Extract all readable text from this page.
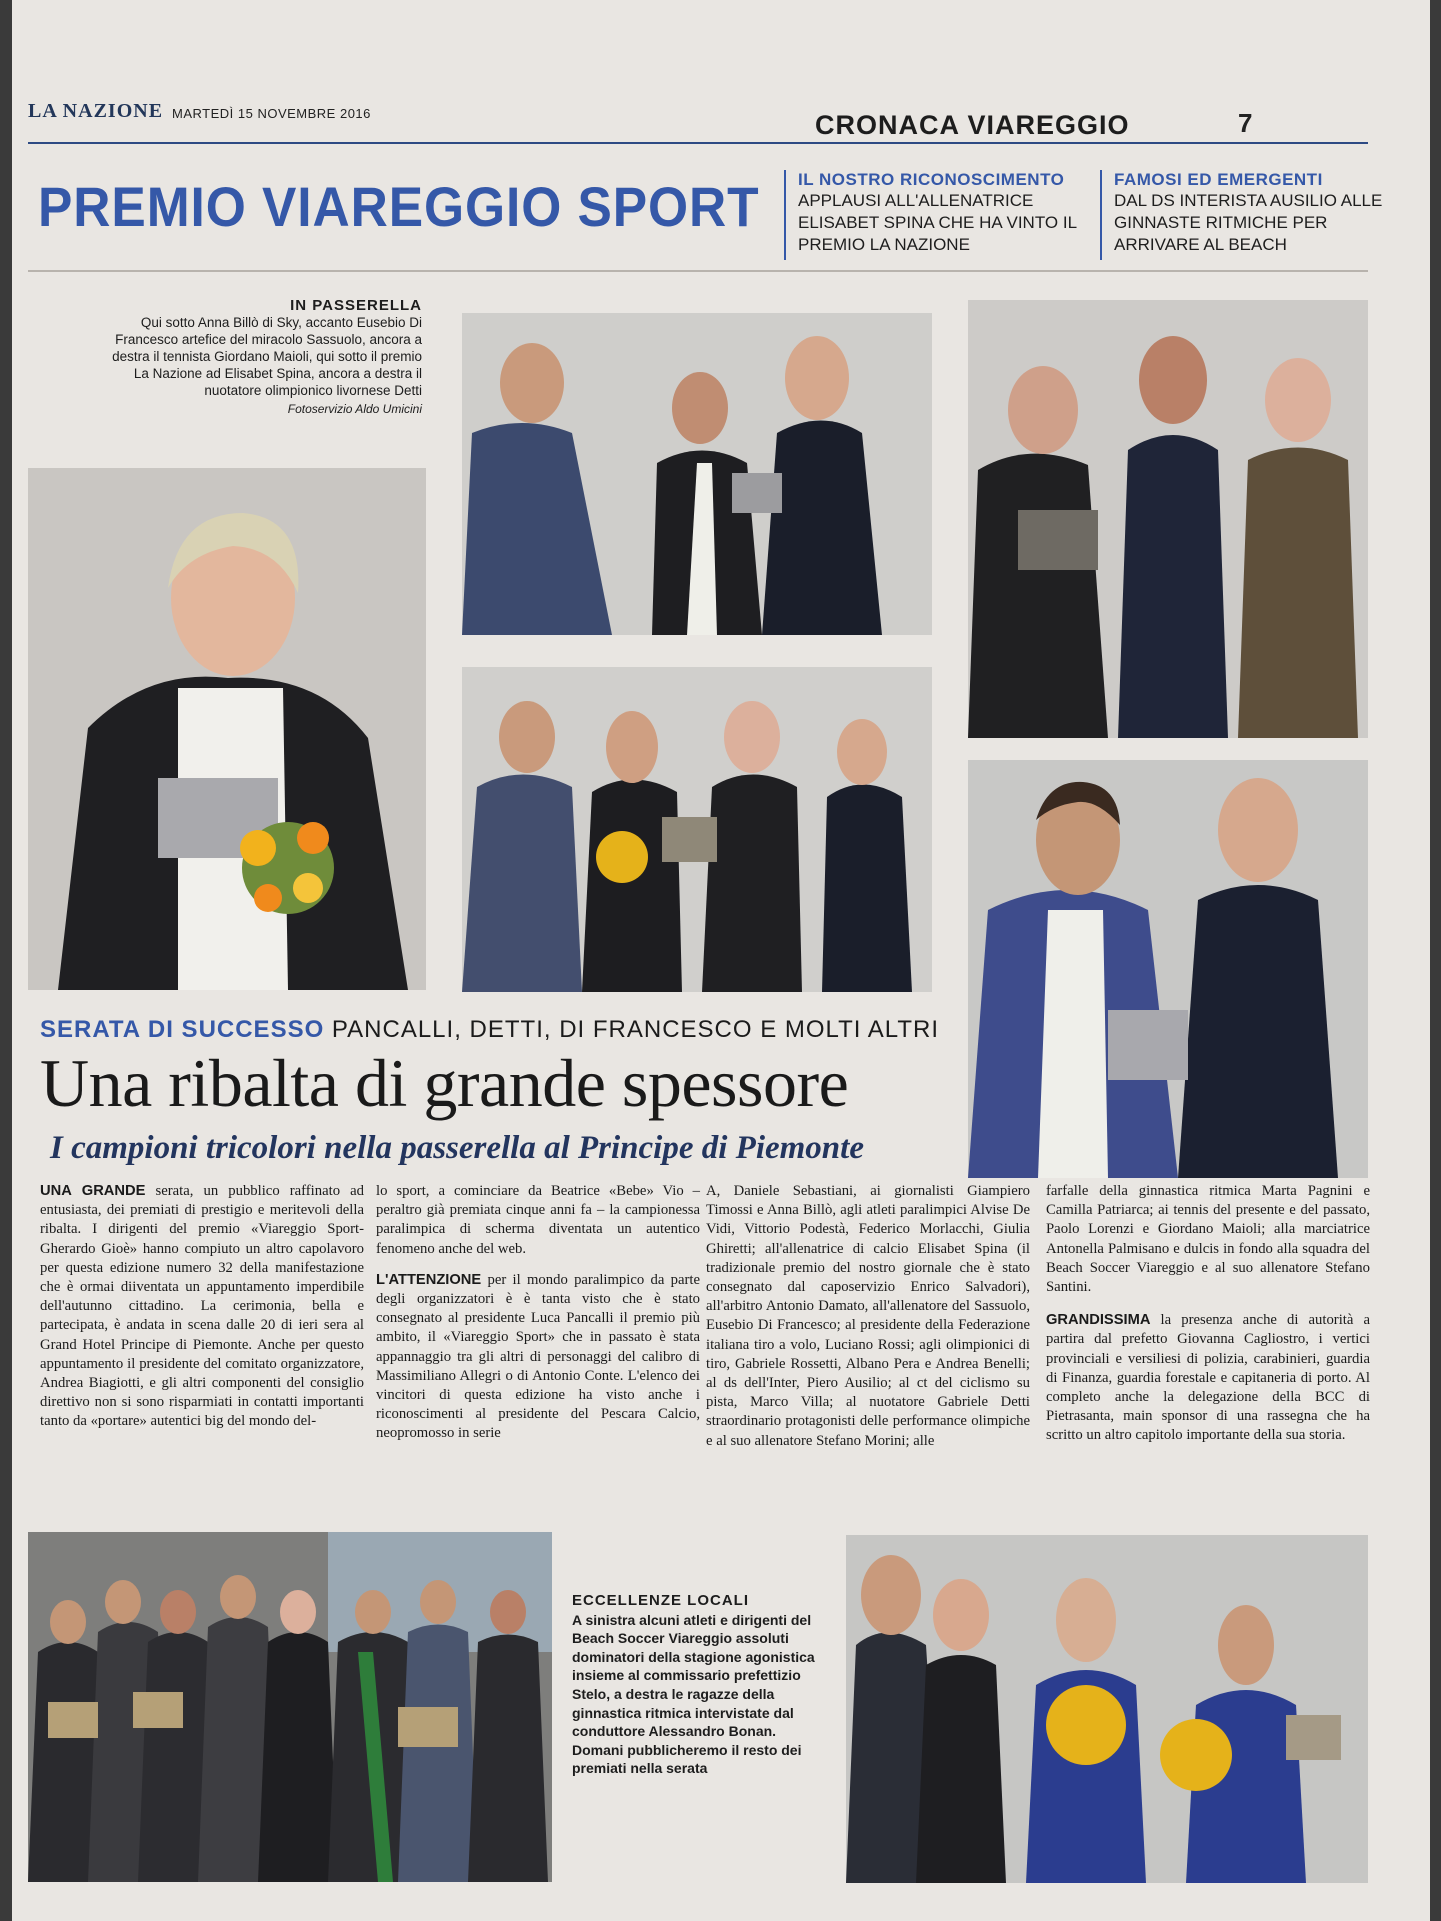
LA NAZIONE MARTEDÌ 15 NOVEMBRE 2016	CRONACA VIAREGGIO	7
PREMIO VIAREGGIO SPORT IL NOSTRO RICONOSCIMENTO
APPLAUSI ALL'ALLENATRICE ELISABET SPINA CHE HA VINTO IL PREMIO LA NAZIONE
FAMOSI ED EMERGENTI
DAL DS INTERISTA AUSILIO ALLE GINNASTE RITMICHE PER ARRIVARE AL BEACH
IN PASSERELLA
Qui sotto Anna Billò di Sky, accanto Eusebio Di Francesco artefice del miracolo Sassuolo, ancora a destra il tennista Giordano Maioli, qui sotto il premio La Nazione ad Elisabet Spina, ancora a destra il nuotatore olimpionico livornese Detti
Fotoservizio Aldo Umicini
SERATA DI SUCCESSO PANCALLI, DETTI, DI FRANCESCO E MOLTI ALTRI
Una ribalta di grande spessore
I campioni tricolori nella passerella al Principe di Piemonte

UNA GRANDE serata, un pubblico raffinato ad entusiasta, dei premiati di prestigio e meritevoli della ribalta. I dirigenti del premio «Viareggio Sport-Gherardo Gioè» hanno compiuto un altro capolavoro per questa edizione numero 32 della manifestazione che è ormai diiventata un appuntamento imperdibile dell'autunno cittadino. La cerimonia, bella e partecipata, è andata in scena dalle 20 di ieri sera al Grand Hotel Principe di Piemonte. Anche per questo appuntamento il presidente del comitato organizzatore, Andrea Biagiotti, e gli altri componenti del consiglio direttivo non si sono risparmiati in contatti importanti tanto da «portare» autentici big del mondo del-

lo sport, a cominciare da Beatrice «Bebe» Vio – peraltro già premiata cinque anni fa – la campionessa paralimpica di scherma diventata un autentico fenomeno anche del web.

L'ATTENZIONE per il mondo paralimpico da parte degli organizzatori è è tanta visto che è stato consegnato al presidente Luca Pancalli il premio più ambito, il «Viareggio Sport» che in passato è stata appannaggio tra gli altri di personaggi del calibro di Massimiliano Allegri o di Antonio Conte. L'elenco dei vincitori di questa edizione ha visto anche i riconoscimenti al presidente del Pescara Calcio, neopromosso in serie

A, Daniele Sebastiani, ai giornalisti Giampiero Timossi e Anna Billò, agli atleti paralimpici Alvise De Vidi, Vittorio Podestà, Federico Morlacchi, Giulia Ghiretti; all'allenatrice di calcio Elisabet Spina (il tradizionale premio del nostro giornale che è stato consegnato dal caposervizio Enrico Salvadori), all'arbitro Antonio Damato, all'allenatore del Sassuolo, Eusebio Di Francesco; al presidente della Federazione italiana tiro a volo, Luciano Rossi; agli olimpionici di tiro, Gabriele Rossetti, Albano Pera e Andrea Benelli; al ds dell'Inter, Piero Ausilio; al ct del ciclismo su pista, Marco Villa; al nuotatore Gabriele Detti straordinario protagonisti delle performance olimpiche e al suo allenatore Stefano Morini; alle

farfalle della ginnastica ritmica Marta Pagnini e Camilla Patriarca; ai tennis del presente e del passato, Paolo Lorenzi e Giordano Maioli; alla marciatrice Antonella Palmisano e dulcis in fondo alla squadra del Beach Soccer Viareggio e al suo allenatore Stefano Santini.

GRANDISSIMA la presenza anche di autorità a partira dal prefetto Giovanna Cagliostro, i vertici provinciali e versiliesi di polizia, carabinieri, guardia di Finanza, guardia forestale e capitaneria di porto. Al completo anche la delegazione della BCC di Pietrasanta, main sponsor di una rassegna che ha scritto un altro capitolo importante della sua storia.

ECCELLENZE LOCALI
A sinistra alcuni atleti e dirigenti del Beach Soccer Viareggio assoluti dominatori della stagione agonistica insieme al commissario prefettizio Stelo, a destra le ragazze della ginnastica ritmica intervistate dal conduttore Alessandro Bonan. Domani pubblicheremo il resto dei premiati nella serata
